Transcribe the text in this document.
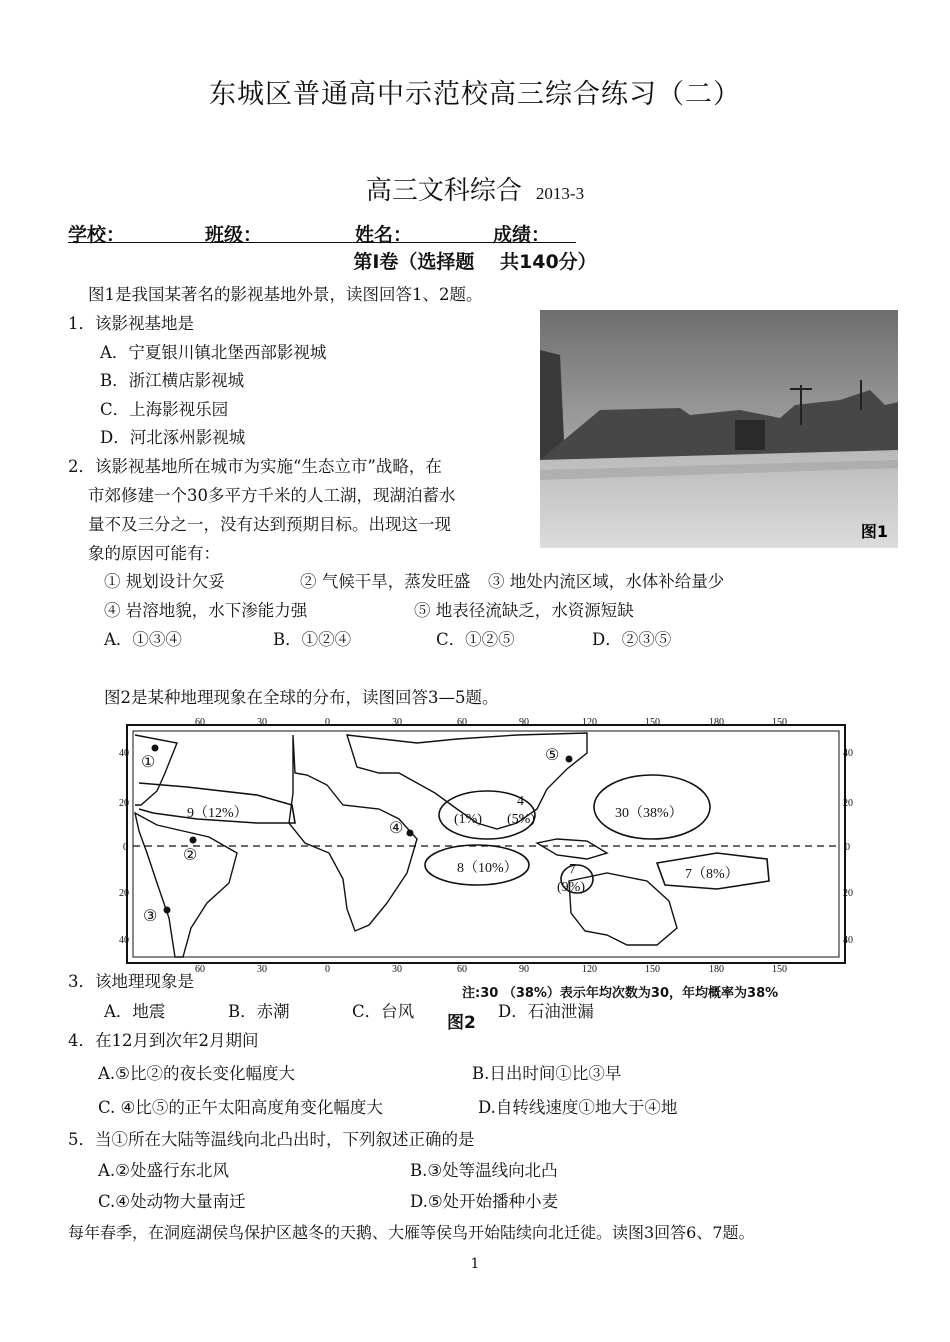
东城区普通高中示范校高三综合练习（二）
高三文科综合 2013-3
学校：	班级：	姓名：	成绩：
第Ⅰ卷（选择题　 共140分）
图1是我国某著名的影视基地外景，读图回答1、2题。
1．该影视基地是
A．宁夏银川镇北堡西部影视城
B．浙江横店影视城
C．上海影视乐园
D．河北涿州影视城
图1
2．该影视基地所在城市为实施“生态立市”战略，在
市郊修建一个30多平方千米的人工湖，现湖泊蓄水
量不及三分之一，没有达到预期目标。出现这一现
象的原因可能有：
① 规划设计欠妥	② 气候干旱，蒸发旺盛 ③ 地处内流区域，水体补给量少
④ 岩溶地貌，水下渗能力强	⑤ 地表径流缺乏，水资源短缺
A．①③④	B．①②④	C．①②⑤	D．②③⑤
图2是某种地理现象在全球的分布，读图回答3—5题。
60	30	0	30	60	90	120	150	180	150
60	30	0	30	60	90	120	150	180	150
40
20
0
20
40
40
20
0
20
40
9（12%）	(1%) (5%)
4
30（38%）
8（10%）	7（8%）
(9%)
7
①
②
③
④
⑤
注:30 （38%）表示年均次数为30，年均概率为38%
图2
3．该地理现象是
A．地震	B．赤潮	C．台风	D．石油泄漏
4．在12月到次年2月期间
A.⑤比②的夜长变化幅度大	B.日出时间①比③早
C. ④比⑤的正午太阳高度角变化幅度大	D.自转线速度①地大于④地
5．当①所在大陆等温线向北凸出时，下列叙述正确的是
A.②处盛行东北风	B.③处等温线向北凸
C.④处动物大量南迁	D.⑤处开始播种小麦
每年春季，在洞庭湖侯鸟保护区越冬的天鹅、大雁等侯鸟开始陆续向北迁徙。读图3回答6、7题。
1
